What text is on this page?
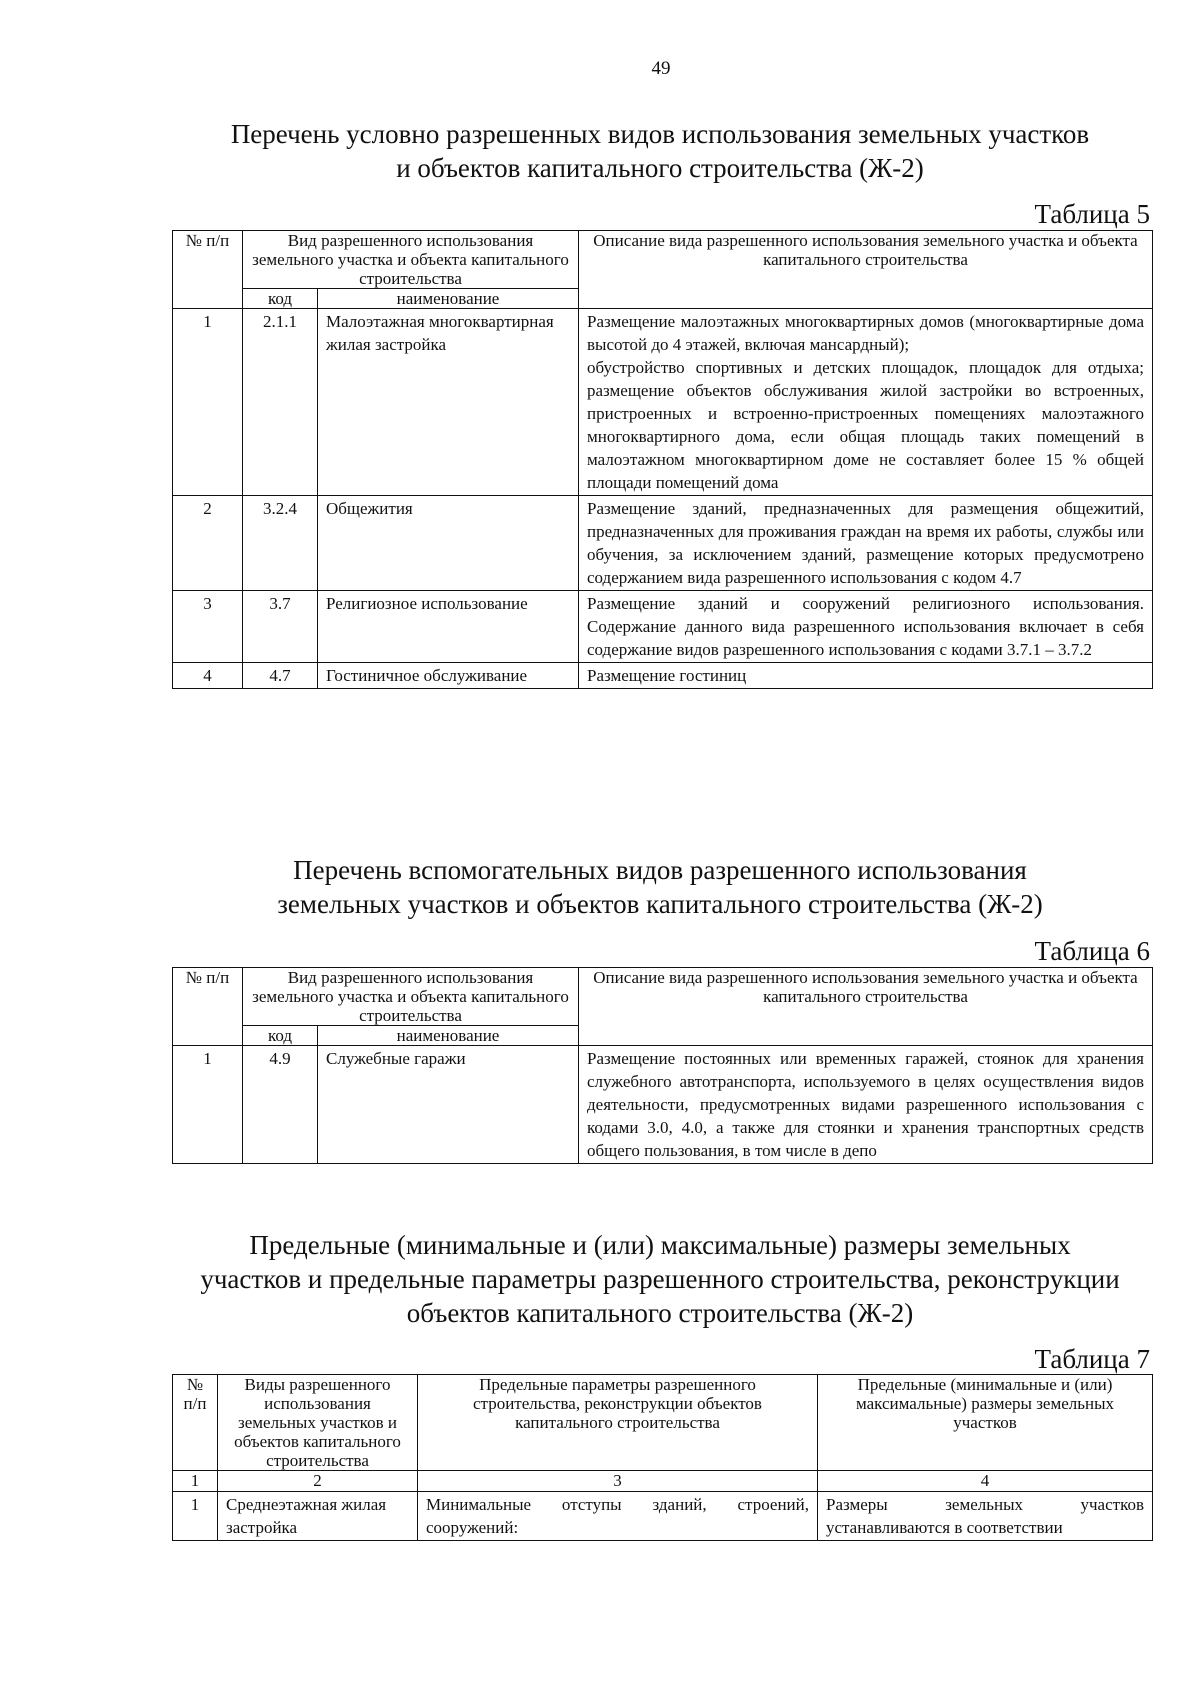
49
Перечень условно разрешенных видов использования земельных участков
и объектов капитального строительства (Ж-2)
Таблица 5
№ п/п	Вид разрешенного использования земельного участка и объекта капитального строительства		Описание вида разрешенного использования земельного участка и объекта капитального строительства
	код	наименование	
1	2.1.1	Малоэтажная многоквартирная жилая застройка	Размещение малоэтажных многоквартирных домов (многоквартирные дома высотой до 4 этажей, включая мансардный);
обустройство спортивных и детских площадок, площадок для отдыха; размещение объектов обслуживания жилой застройки во встроенных, пристроенных и встроенно-пристроенных помещениях малоэтажного многоквартирного дома, если общая площадь таких помещений в малоэтажном многоквартирном доме не составляет более 15 % общей площади помещений дома

2	3.2.4	Общежития	Размещение зданий, предназначенных для размещения общежитий, предназначенных для проживания граждан на время их работы, службы или обучения, за исключением зданий, размещение которых предусмотрено содержанием вида разрешенного использования с кодом 4.7
3	3.7	Религиозное использование	Размещение зданий и сооружений религиозного использования. Содержание данного вида разрешенного использования включает в себя содержание видов разрешенного использования с кодами 3.7.1 – 3.7.2
4	4.7	Гостиничное обслуживание	Размещение гостиниц
Перечень вспомогательных видов разрешенного использования
земельных участков и объектов капитального строительства (Ж-2)
Таблица 6
№ п/п	Вид разрешенного использования земельного участка и объекта капитального строительства		Описание вида разрешенного использования земельного участка и объекта капитального строительства
	код	наименование	
1	4.9	Служебные гаражи	Размещение постоянных или временных гаражей, стоянок для хранения служебного автотранспорта, используемого в целях осуществления видов деятельности, предусмотренных видами разрешенного использования с кодами 3.0, 4.0, а также для стоянки и хранения транспортных средств общего пользования, в том числе в депо
Предельные (минимальные и (или) максимальные) размеры земельных
участков и предельные параметры разрешенного строительства, реконструкции
объектов капитального строительства (Ж-2)
Таблица 7
№ п/п	Виды разрешенного использования земельных участков и объектов капитального строительства	Предельные параметры разрешенного строительства, реконструкции объектов капитального строительства	Предельные (минимальные и (или) максимальные) размеры земельных участков
1	2	3	4
1	Среднеэтажная жилая застройка	Минимальные отступы зданий, строений, сооружений:	Размеры земельных участков устанавливаются в соответствии
